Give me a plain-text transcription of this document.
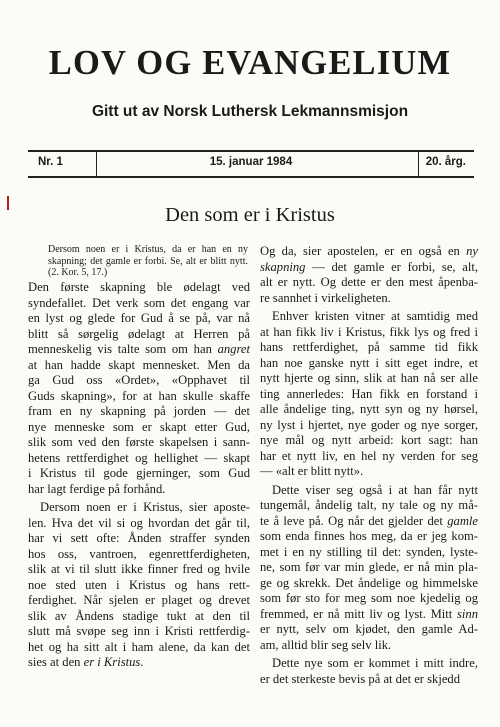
LOV OG EVANGELIUM
Gitt ut av Norsk Luthersk Lekmannsmisjon
Nr. 1	15. januar 1984	20. årg.
Den som er i Kristus
Dersom noen er i Kristus, da er han en ny skapning; det gamle er forbi. Se, alt er blitt nytt. (2. Kor. 5, 17.)
Den første skapning ble ødelagt ved
syndefallet. Det verk som det engang var
en lyst og glede for Gud å se på, var nå
blitt så sørgelig ødelagt at Herren på
menneskelig vis talte som om han angret
at han hadde skapt mennesket. Men da
ga Gud oss «Ordet», «Opphavet til
Guds skapning», for at han skulle skaffe
fram en ny skapning på jorden — det
nye menneske som er skapt etter Gud,
slik som ved den første skapelsen i sann-
hetens rettferdighet og hellighet — skapt
i Kristus til gode gjerninger, som Gud
har lagt ferdige på forhånd.
Dersom noen er i Kristus, sier aposte-
len. Hva det vil si og hvordan det går til,
har vi sett ofte: Ånden straffer synden
hos oss, vantroen, egenrettferdigheten,
slik at vi til slutt ikke finner fred og hvile
noe sted uten i Kristus og hans rett-
ferdighet. Når sjelen er plaget og drevet
slik av Åndens stadige tukt at den til
slutt må svøpe seg inn i Kristi rettferdig-
het og ha sitt alt i ham alene, da kan det
sies at den er i Kristus.
Og da, sier apostelen, er en også en ny
skapning — det gamle er forbi, se, alt,
alt er nytt. Og dette er den mest åpenba-
re sannhet i virkeligheten.
Enhver kristen vitner at samtidig med
at han fikk liv i Kristus, fikk lys og fred i
hans rettferdighet, på samme tid fikk
han noe ganske nytt i sitt eget indre, et
nytt hjerte og sinn, slik at han nå ser alle
ting annerledes: Han fikk en forstand i
alle åndelige ting, nytt syn og ny hørsel,
ny lyst i hjertet, nye goder og nye sorger,
nye mål og nytt arbeid: kort sagt: han
har et nytt liv, en hel ny verden for seg
— «alt er blitt nytt».
Dette viser seg også i at han får nytt
tungemål, åndelig talt, ny tale og ny må-
te å leve på. Og når det gjelder det gamle
som enda finnes hos meg, da er jeg kom-
met i en ny stilling til det: synden, lyste-
ne, som før var min glede, er nå min pla-
ge og skrekk. Det åndelige og himmelske
som før sto for meg som noe kjedelig og
fremmed, er nå mitt liv og lyst. Mitt sinn
er nytt, selv om kjødet, den gamle Ad-
am, alltid blir seg selv lik.
Dette nye som er kommet i mitt indre,
er det sterkeste bevis på at det er skjedd
